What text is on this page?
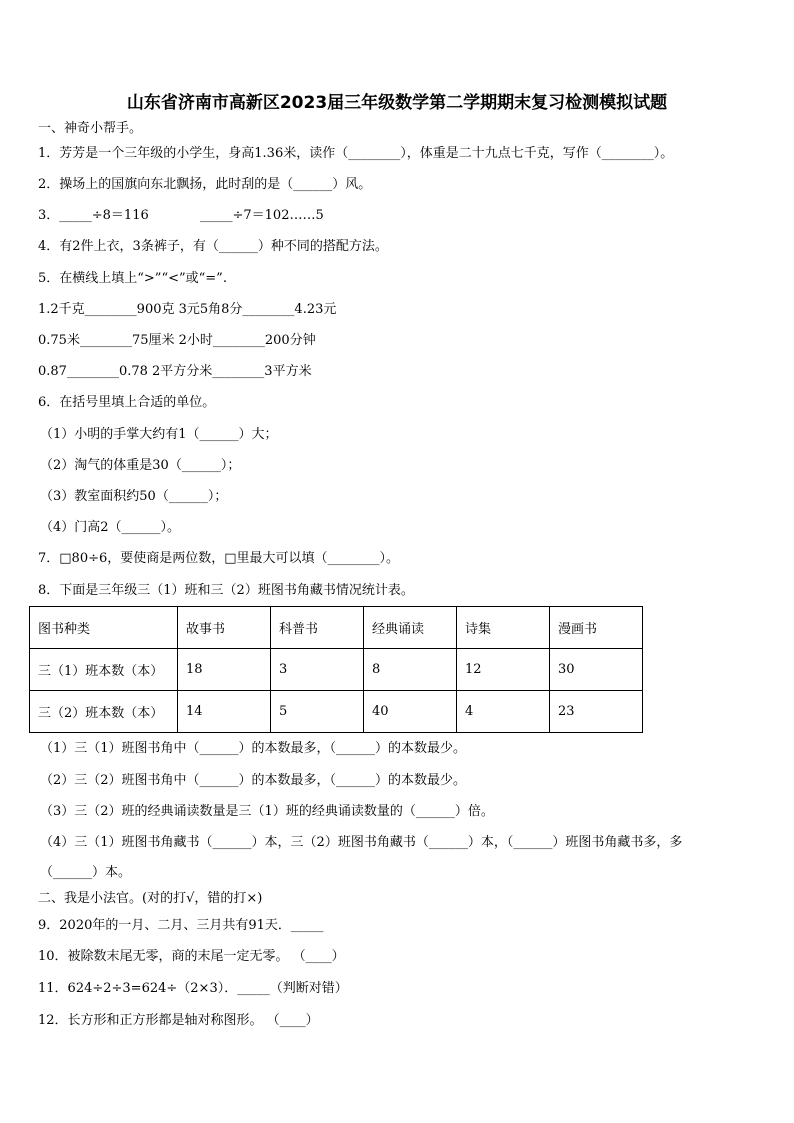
山东省济南市高新区2023届三年级数学第二学期期末复习检测模拟试题
一、神奇小帮手。
1．芳芳是一个三年级的小学生，身高1.36米，读作（________），体重是二十九点七千克，写作（________）。
2．操场上的国旗向东北飘扬，此时刮的是（______）风。
3．_____÷8＝116	_____÷7＝102……5
4．有2件上衣，3条裤子，有（______）种不同的搭配方法。
5．在横线上填上“>”“<”或“=”.
1.2千克________900克 3元5角8分________4.23元
0.75米________75厘米 2小时________200分钟
0.87________0.78 2平方分米________3平方米
6．在括号里填上合适的单位。
（1）小明的手掌大约有1（______）大；
（2）淘气的体重是30（______）；
（3）教室面积约50（______）；
（4）门高2（______）。
7．□80÷6，要使商是两位数，□里最大可以填（________）。
8．下面是三年级三（1）班和三（2）班图书角藏书情况统计表。
图书种类	故事书	科普书	经典诵读	诗集	漫画书
三（1）班本数（本）	18	3	8	12	30
三（2）班本数（本）	14	5	40	4	23
（1）三（1）班图书角中（______）的本数最多，（______）的本数最少。
（2）三（2）班图书角中（______）的本数最多，（______）的本数最少。
（3）三（2）班的经典诵读数量是三（1）班的经典诵读数量的（______）倍。
（4）三（1）班图书角藏书（______）本，三（2）班图书角藏书（______）本，（______）班图书角藏书多，多
（______）本。
二、我是小法官。(对的打√，错的打×)
9．2020年的一月、二月、三月共有91天．_____
10．被除数末尾无零，商的末尾一定无零。 （____）
11．624÷2÷3=624÷（2×3）．_____（判断对错）
12．长方形和正方形都是轴对称图形。 （____）
